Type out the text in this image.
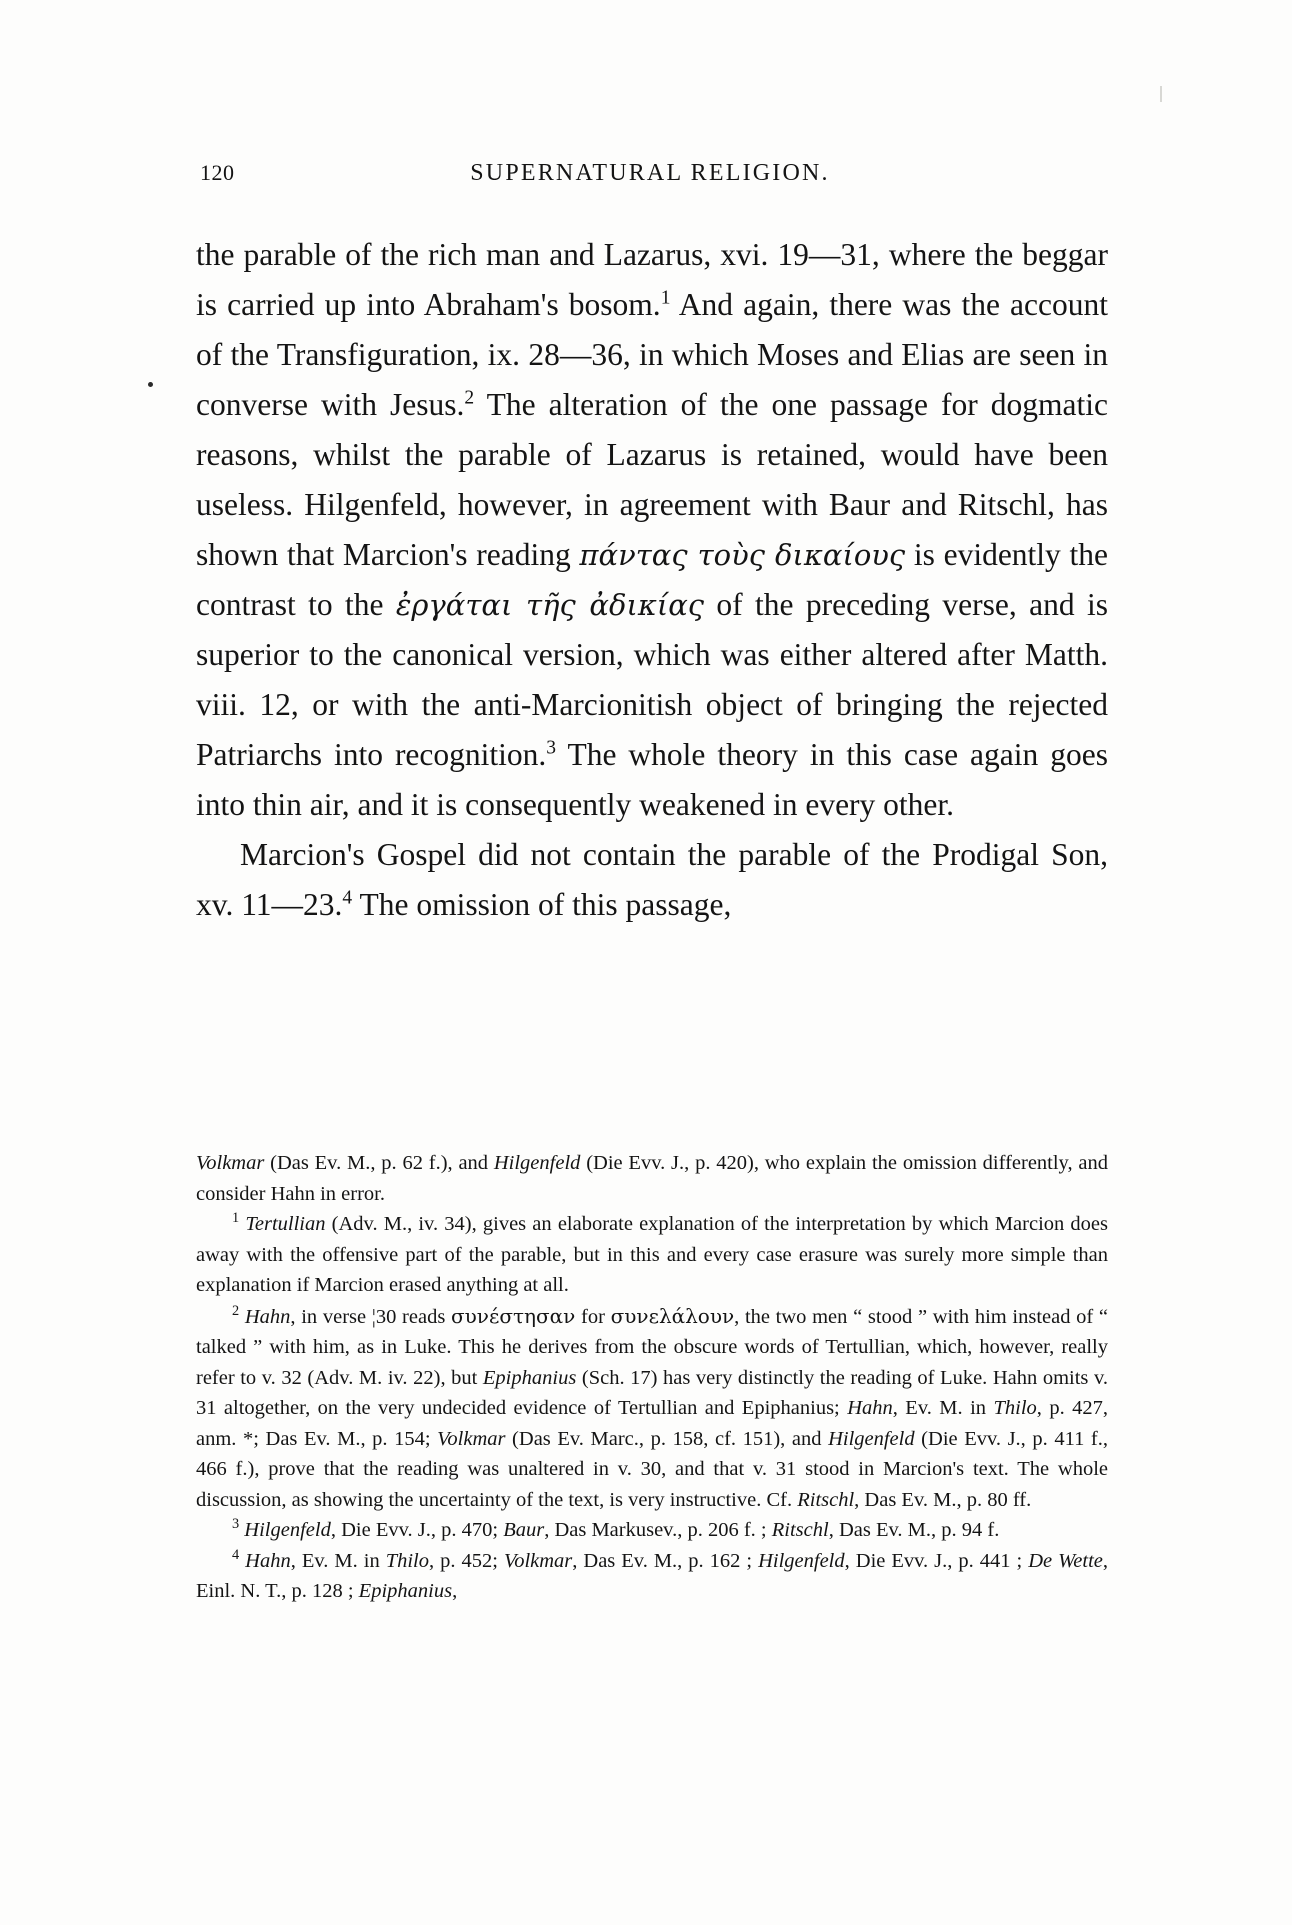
120	SUPERNATURAL RELIGION.

the parable of the rich man and Lazarus, xvi. 19—31, where the beggar is carried up into Abraham's bosom.$^1$ And again, there was the account of the Transfiguration, ix. 28—36, in which Moses and Elias are seen in converse with Jesus.$^2$ The alteration of the one passage for dogmatic reasons, whilst the parable of Lazarus is retained, would have been useless. Hilgenfeld, however, in agreement with Baur and Ritschl, has shown that Marcion's reading πάντας τοὺς δικαίους is evidently the contrast to the ἐργάται τῆς ἀδικίας of the preceding verse, and is superior to the canonical version, which was either altered after Matth. viii. 12, or with the anti-Marcionitish object of bringing the rejected Patriarchs into recognition.$^3$ The whole theory in this case again goes into thin air, and it is consequently weakened in every other.

Marcion's Gospel did not contain the parable of the Prodigal Son, xv. 11—23.$^4$ The omission of this passage,

Volkmar (Das Ev. M., p. 62 f.), and Hilgenfeld (Die Evv. J., p. 420), who explain the omission differently, and consider Hahn in error.

$^1$ Tertullian (Adv. M., iv. 34), gives an elaborate explanation of the interpretation by which Marcion does away with the offensive part of the parable, but in this and every case erasure was surely more simple than explanation if Marcion erased anything at all.

$^2$ Hahn, in verse ¦30 reads συνέστησαν for συνελάλουν, the two men “ stood ” with him instead of “ talked ” with him, as in Luke. This he derives from the obscure words of Tertullian, which, however, really refer to v. 32 (Adv. M. iv. 22), but Epiphanius (Sch. 17) has very distinctly the reading of Luke. Hahn omits v. 31 altogether, on the very undecided evidence of Tertullian and Epiphanius; Hahn, Ev. M. in Thilo, p. 427, anm. *; Das Ev. M., p. 154; Volkmar (Das Ev. Marc., p. 158, cf. 151), and Hilgenfeld (Die Evv. J., p. 411 f., 466 f.), prove that the reading was unaltered in v. 30, and that v. 31 stood in Marcion's text. The whole discussion, as showing the uncertainty of the text, is very instructive. Cf. Ritschl, Das Ev. M., p. 80 ff.

$^3$ Hilgenfeld, Die Evv. J., p. 470; Baur, Das Markusev., p. 206 f. ; Ritschl, Das Ev. M., p. 94 f.

$^4$ Hahn, Ev. M. in Thilo, p. 452; Volkmar, Das Ev. M., p. 162 ; Hilgenfeld, Die Evv. J., p. 441 ; De Wette, Einl. N. T., p. 128 ; Epiphanius,
